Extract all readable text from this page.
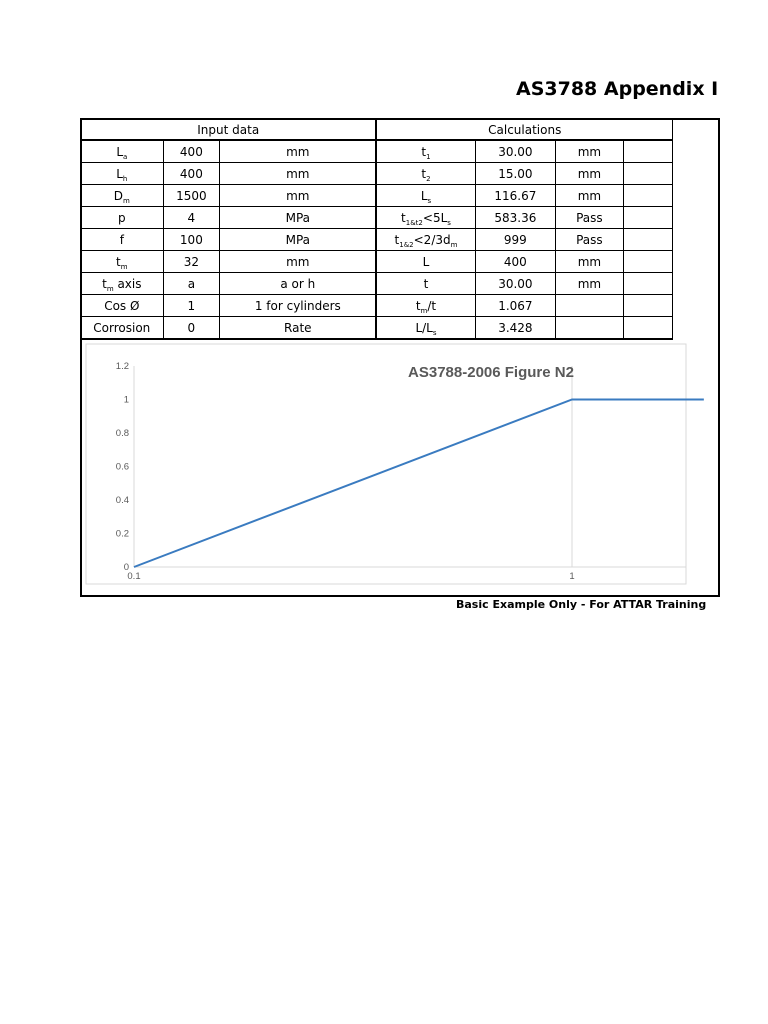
AS3788 Appendix I
Input data			Calculations			
$L_a$	400	mm	$t_1$	30.00	mm	
$L_h$	400	mm	$t_2$	15.00	mm	
$D_m$	1500	mm	$L_s$	116.67	mm	
p	4	MPa	$t_{1\&t2}<5L_s$	583.36	Pass	
f	100	MPa	$t_{1\&2}<2/3d_m$	999	Pass	
$t_m$	32	mm	L	400	mm	
$t_m$ axis	a	a or h	t	30.00	mm	
Cos Ø	1	1 for cylinders	$t_m/t$	1.067		
Corrosion	0	Rate	$L/L_s$	3.428		
0
0.2
0.4
0.6
0.8
1
1.2
0.1	1
AS3788-2006 Figure N2
Basic Example Only - For ATTAR Training
